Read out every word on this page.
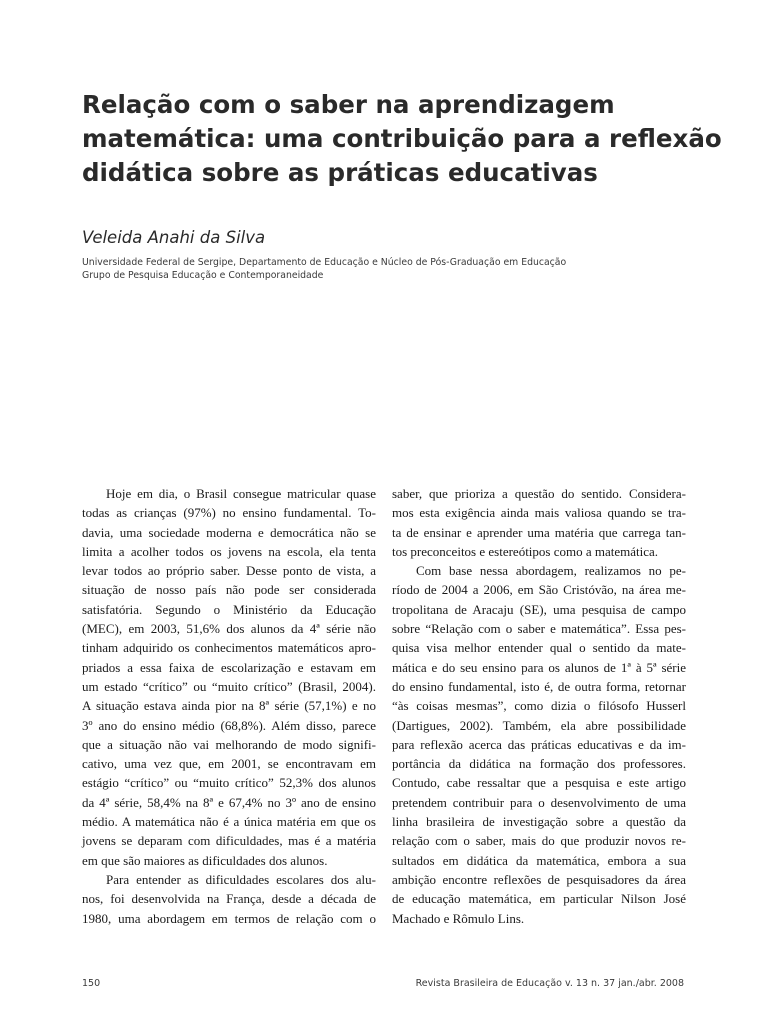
Relação com o saber na aprendizagem
matemática: uma contribuição para a reflexão
didática sobre as práticas educativas
Veleida Anahi da Silva
Universidade Federal de Sergipe, Departamento de Educação e Núcleo de Pós-Graduação em Educação
Grupo de Pesquisa Educação e Contemporaneidade
Hoje em dia, o Brasil consegue matricular quase
todas as crianças (97%) no ensino fundamental. To-
davia, uma sociedade moderna e democrática não se
limita a acolher todos os jovens na escola, ela tenta
levar todos ao próprio saber. Desse ponto de vista, a
situação de nosso país não pode ser considerada
satisfatória. Segundo o Ministério da Educação
(MEC), em 2003, 51,6% dos alunos da 4ª série não
tinham adquirido os conhecimentos matemáticos apro-
priados a essa faixa de escolarização e estavam em
um estado “crítico” ou “muito crítico” (Brasil, 2004).
A situação estava ainda pior na 8ª série (57,1%) e no
3º ano do ensino médio (68,8%). Além disso, parece
que a situação não vai melhorando de modo signifi-
cativo, uma vez que, em 2001, se encontravam em
estágio “crítico” ou “muito crítico” 52,3% dos alunos
da 4ª série, 58,4% na 8ª e 67,4% no 3º ano de ensino
médio. A matemática não é a única matéria em que os
jovens se deparam com dificuldades, mas é a matéria
em que são maiores as dificuldades dos alunos.
Para entender as dificuldades escolares dos alu-
nos, foi desenvolvida na França, desde a década de
1980, uma abordagem em termos de relação com o
saber, que prioriza a questão do sentido. Considera-
mos esta exigência ainda mais valiosa quando se tra-
ta de ensinar e aprender uma matéria que carrega tan-
tos preconceitos e estereótipos como a matemática.
Com base nessa abordagem, realizamos no pe-
ríodo de 2004 a 2006, em São Cristóvão, na área me-
tropolitana de Aracaju (SE), uma pesquisa de campo
sobre “Relação com o saber e matemática”. Essa pes-
quisa visa melhor entender qual o sentido da mate-
mática e do seu ensino para os alunos de 1ª à 5ª série
do ensino fundamental, isto é, de outra forma, retornar
“às coisas mesmas”, como dizia o filósofo Husserl
(Dartigues, 2002). Também, ela abre possibilidade
para reflexão acerca das práticas educativas e da im-
portância da didática na formação dos professores.
Contudo, cabe ressaltar que a pesquisa e este artigo
pretendem contribuir para o desenvolvimento de uma
linha brasileira de investigação sobre a questão da
relação com o saber, mais do que produzir novos re-
sultados em didática da matemática, embora a sua
ambição encontre reflexões de pesquisadores da área
de educação matemática, em particular Nilson José
Machado e Rômulo Lins.
150	Revista Brasileira de Educação v. 13 n. 37 jan./abr. 2008
